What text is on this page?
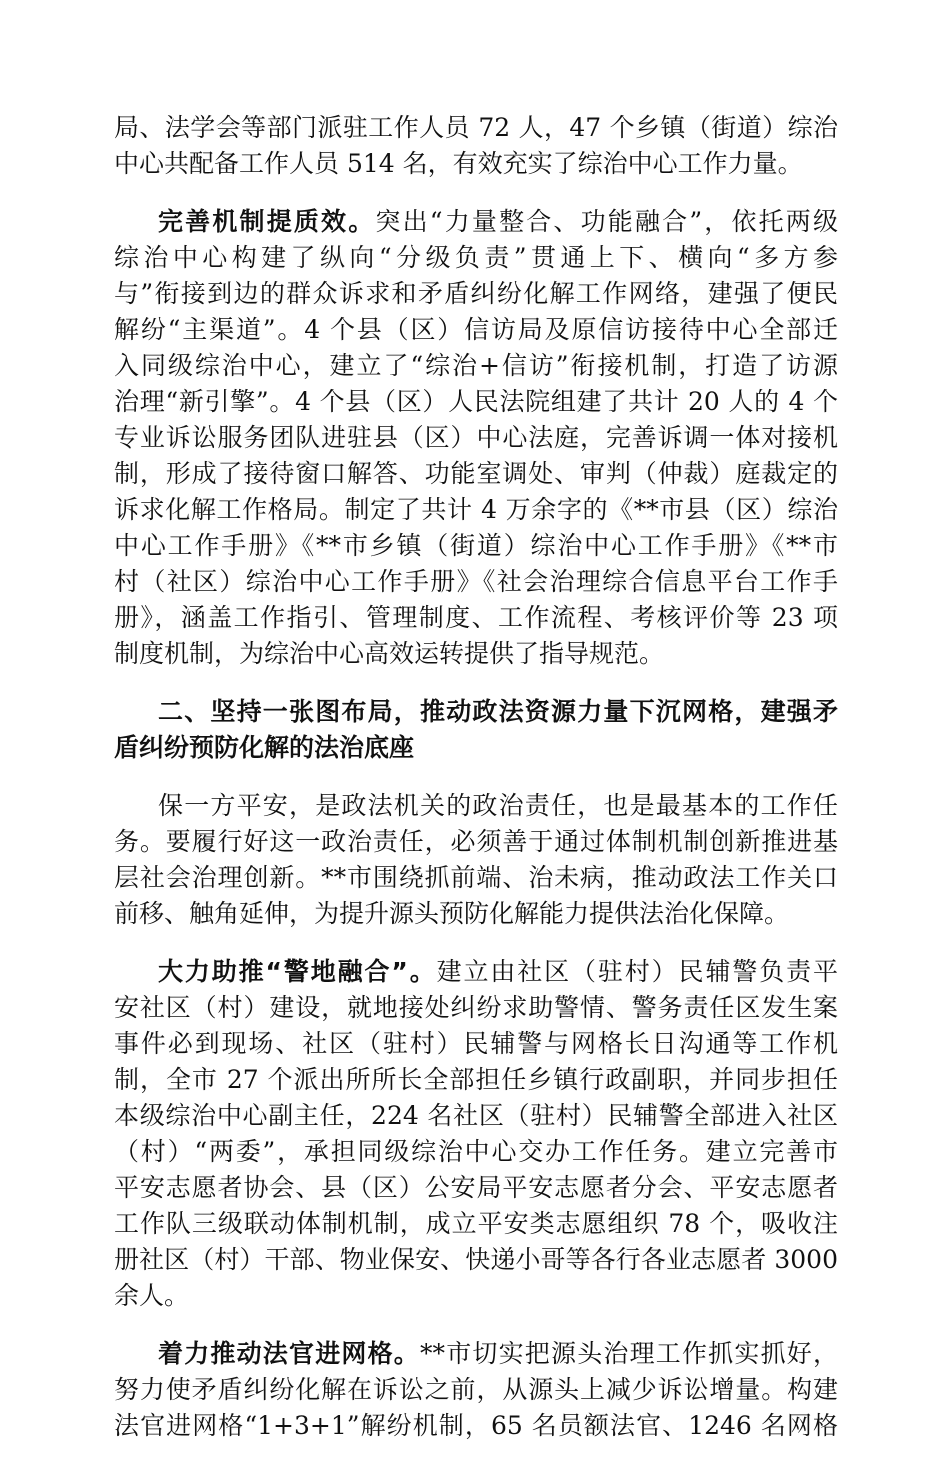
局、法学会等部门派驻工作人员 72 人，47 个乡镇（街道）综治
中心共配备工作人员 514 名，有效充实了综治中心工作力量。
完善机制提质效。突出“力量整合、功能融合”，依托两级
综治中心构建了纵向“分级负责”贯通上下、横向“多方参
与”衔接到边的群众诉求和矛盾纠纷化解工作网络，建强了便民
解纷“主渠道”。4 个县（区）信访局及原信访接待中心全部迁
入同级综治中心，建立了“综治+信访”衔接机制，打造了访源
治理“新引擎”。4 个县（区）人民法院组建了共计 20 人的 4 个
专业诉讼服务团队进驻县（区）中心法庭，完善诉调一体对接机
制，形成了接待窗口解答、功能室调处、审判（仲裁）庭裁定的
诉求化解工作格局。制定了共计 4 万余字的《**市县（区）综治
中心工作手册》《**市乡镇（街道）综治中心工作手册》《**市
村（社区）综治中心工作手册》《社会治理综合信息平台工作手
册》，涵盖工作指引、管理制度、工作流程、考核评价等 23 项
制度机制，为综治中心高效运转提供了指导规范。
二、坚持一张图布局，推动政法资源力量下沉网格，建强矛
盾纠纷预防化解的法治底座
保一方平安，是政法机关的政治责任，也是最基本的工作任
务。要履行好这一政治责任，必须善于通过体制机制创新推进基
层社会治理创新。**市围绕抓前端、治未病，推动政法工作关口
前移、触角延伸，为提升源头预防化解能力提供法治化保障。
大力助推“警地融合”。建立由社区（驻村）民辅警负责平
安社区（村）建设，就地接处纠纷求助警情、警务责任区发生案
事件必到现场、社区（驻村）民辅警与网格长日沟通等工作机
制，全市 27 个派出所所长全部担任乡镇行政副职，并同步担任
本级综治中心副主任，224 名社区（驻村）民辅警全部进入社区
（村）“两委”，承担同级综治中心交办工作任务。建立完善市
平安志愿者协会、县（区）公安局平安志愿者分会、平安志愿者
工作队三级联动体制机制，成立平安类志愿组织 78 个，吸收注
册社区（村）干部、物业保安、快递小哥等各行各业志愿者 3000
余人。
着力推动法官进网格。**市切实把源头治理工作抓实抓好，
努力使矛盾纠纷化解在诉讼之前，从源头上减少诉讼增量。构建
法官进网格“1+3+1”解纷机制，65 名员额法官、1246 名网格
